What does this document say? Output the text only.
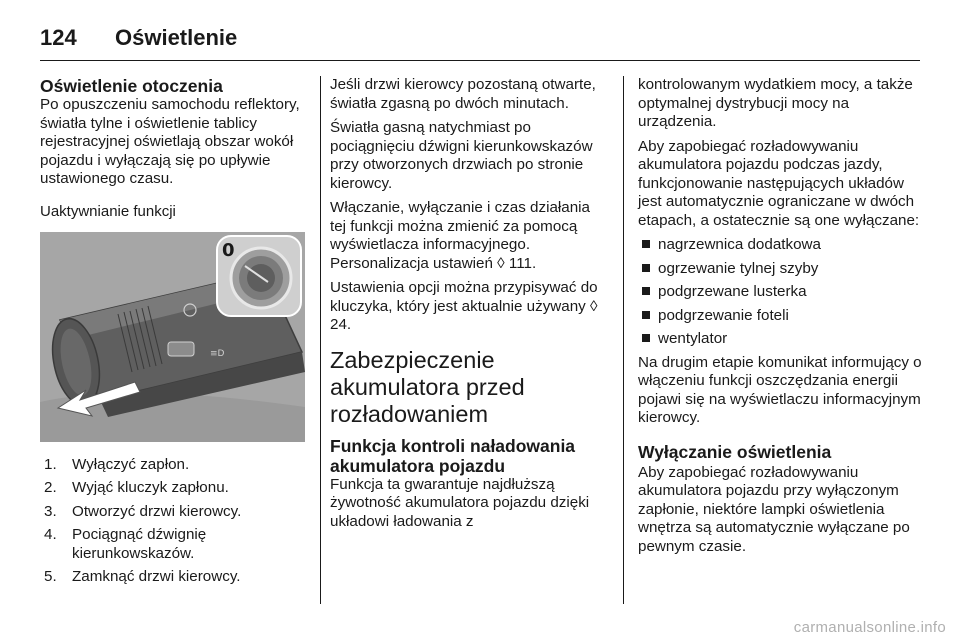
124	Oświetlenie
Oświetlenie otoczenia

Po opuszczeniu samochodu reflektory, światła tylne i oświetlenie tablicy rejestracyjnej oświetlają obszar wokół pojazdu i wyłączają się po upływie ustawionego czasu.

Uaktywnianie funkcji
≡D
0
1.	Wyłączyć zapłon.
2.	Wyjąć kluczyk zapłonu.
3.	Otworzyć drzwi kierowcy.
4.	Pociągnąć dźwignię kierunkowskazów.
5.	Zamknąć drzwi kierowcy.

Jeśli drzwi kierowcy pozostaną otwarte, światła zgasną po dwóch minutach.

Światła gasną natychmiast po pociągnięciu dźwigni kierunkowskazów przy otworzonych drzwiach po stronie kierowcy.

Włączanie, wyłączanie i czas działania tej funkcji można zmienić za pomocą wyświetlacza informacyjnego. Personalizacja ustawień ◊ 111.

Ustawienia opcji można przypisywać do kluczyka, który jest aktualnie używany ◊ 24.

Zabezpieczenie akumulatora przed rozładowaniem
Funkcja kontroli naładowania akumulatora pojazdu

Funkcja ta gwarantuje najdłuższą żywotność akumulatora pojazdu dzięki układowi ładowania z

kontrolowanym wydatkiem mocy, a także optymalnej dystrybucji mocy na urządzenia.

Aby zapobiegać rozładowywaniu akumulatora pojazdu podczas jazdy, funkcjonowanie następujących układów jest automatycznie ograniczane w dwóch etapach, a ostatecznie są one wyłączane:

nagrzewnica dodatkowa
ogrzewanie tylnej szyby
podgrzewane lusterka
podgrzewanie foteli
wentylator

Na drugim etapie komunikat informujący o włączeniu funkcji oszczędzania energii pojawi się na wyświetlaczu informacyjnym kierowcy.

Wyłączanie oświetlenia

Aby zapobiegać rozładowywaniu akumulatora pojazdu przy wyłączonym zapłonie, niektóre lampki oświetlenia wnętrza są automatycznie wyłączane po pewnym czasie.

carmanualsonline.info
